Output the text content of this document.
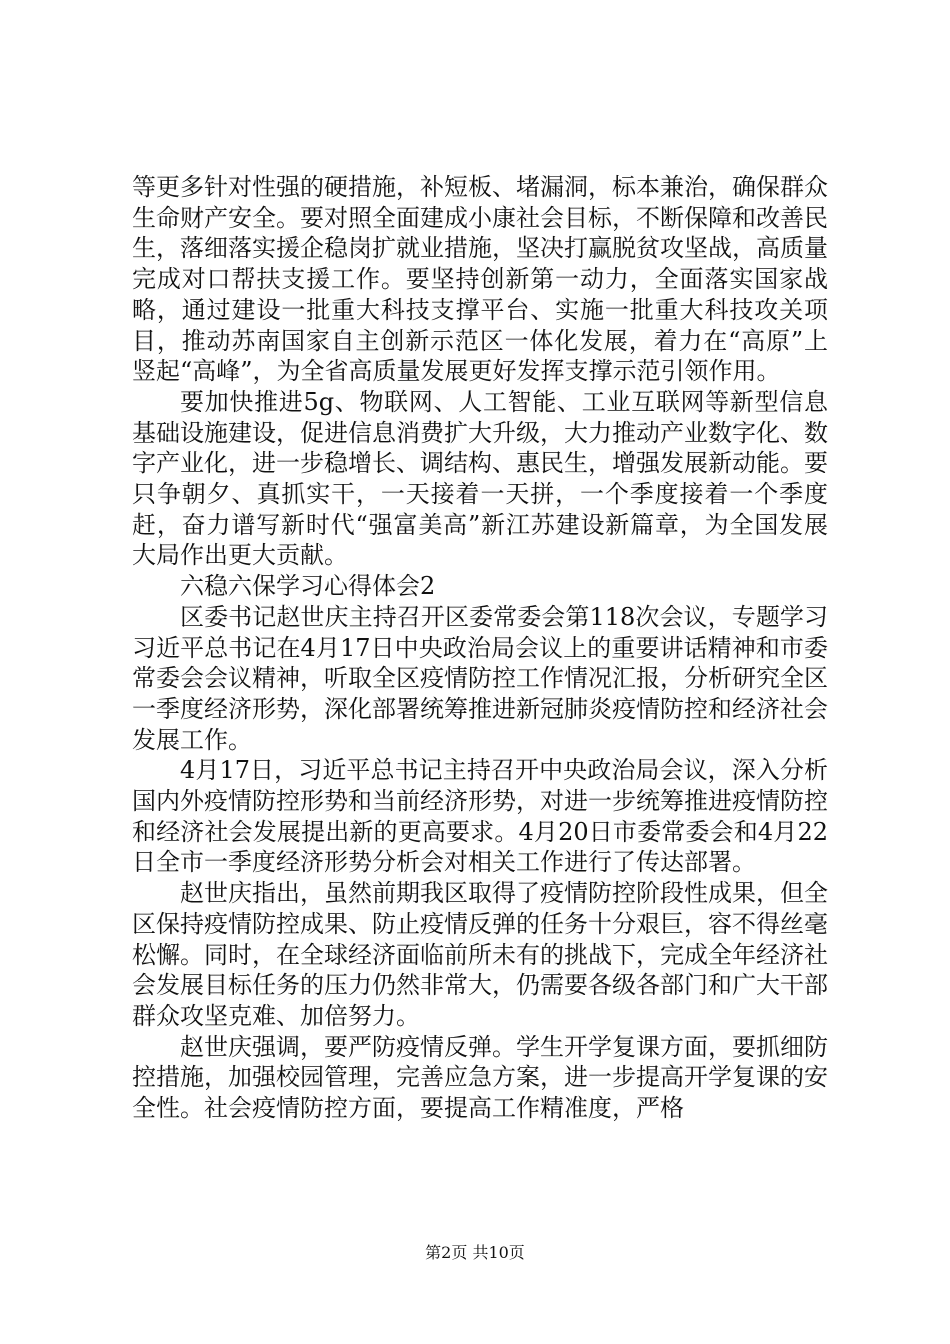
等更多针对性强的硬措施，补短板、堵漏洞，标本兼治，确保群众生命财产安全。要对照全面建成小康社会目标，不断保障和改善民生，落细落实援企稳岗扩就业措施，坚决打赢脱贫攻坚战，高质量完成对口帮扶支援工作。要坚持创新第一动力，全面落实国家战略，通过建设一批重大科技支撑平台、实施一批重大科技攻关项目，推动苏南国家自主创新示范区一体化发展，着力在“高原”上竖起“高峰”，为全省高质量发展更好发挥支撑示范引领作用。

要加快推进5g、物联网、人工智能、工业互联网等新型信息基础设施建设，促进信息消费扩大升级，大力推动产业数字化、数字产业化，进一步稳增长、调结构、惠民生，增强发展新动能。要只争朝夕、真抓实干，一天接着一天拼，一个季度接着一个季度赶，奋力谱写新时代“强富美高”新江苏建设新篇章，为全国发展大局作出更大贡献。

六稳六保学习心得体会2

区委书记赵世庆主持召开区委常委会第118次会议，专题学习习近平总书记在4月17日中央政治局会议上的重要讲话精神和市委常委会会议精神，听取全区疫情防控工作情况汇报，分析研究全区一季度经济形势，深化部署统筹推进新冠肺炎疫情防控和经济社会发展工作。

4月17日，习近平总书记主持召开中央政治局会议，深入分析国内外疫情防控形势和当前经济形势，对进一步统筹推进疫情防控和经济社会发展提出新的更高要求。4月20日市委常委会和4月22日全市一季度经济形势分析会对相关工作进行了传达部署。

赵世庆指出，虽然前期我区取得了疫情防控阶段性成果，但全区保持疫情防控成果、防止疫情反弹的任务十分艰巨，容不得丝毫松懈。同时，在全球经济面临前所未有的挑战下，完成全年经济社会发展目标任务的压力仍然非常大，仍需要各级各部门和广大干部群众攻坚克难、加倍努力。

赵世庆强调，要严防疫情反弹。学生开学复课方面，要抓细防控措施，加强校园管理，完善应急方案，进一步提高开学复课的安全性。社会疫情防控方面，要提高工作精准度，严格

第2页 共10页
